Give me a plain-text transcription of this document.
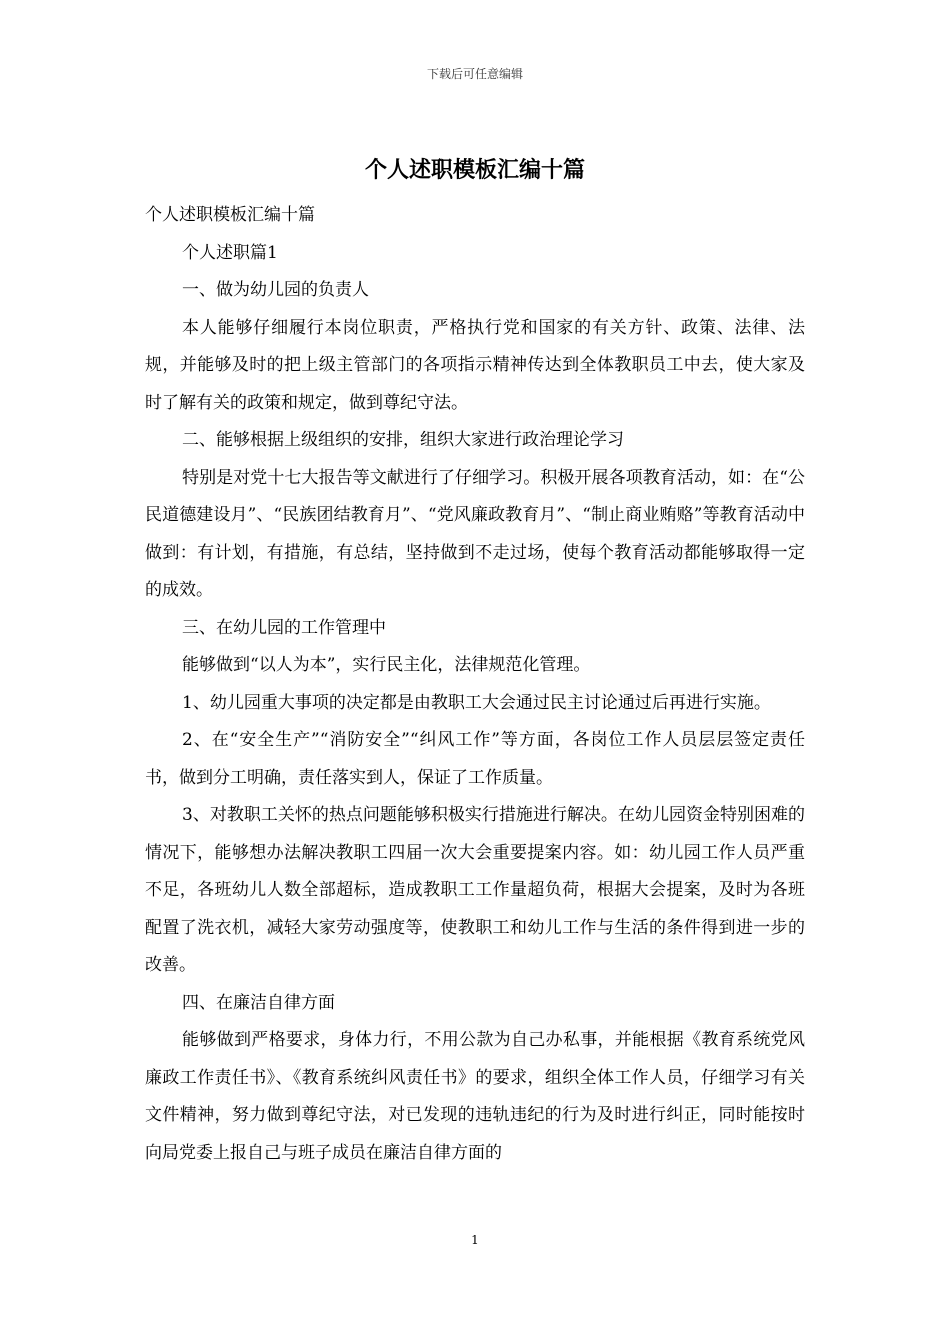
下载后可任意编辑
个人述职模板汇编十篇

个人述职模板汇编十篇

个人述职篇1

一、做为幼儿园的负责人

本人能够仔细履行本岗位职责，严格执行党和国家的有关方针、政策、法律、法规，并能够及时的把上级主管部门的各项指示精神传达到全体教职员工中去，使大家及时了解有关的政策和规定，做到尊纪守法。

二、能够根据上级组织的安排，组织大家进行政治理论学习

特别是对党十七大报告等文献进行了仔细学习。积极开展各项教育活动，如：在“公民道德建设月”、“民族团结教育月”、“党风廉政教育月”、“制止商业贿赂”等教育活动中做到：有计划，有措施，有总结，坚持做到不走过场，使每个教育活动都能够取得一定的成效。

三、在幼儿园的工作管理中

能够做到“以人为本”，实行民主化，法律规范化管理。

1、幼儿园重大事项的决定都是由教职工大会通过民主讨论通过后再进行实施。

2、在“安全生产”“消防安全”“纠风工作”等方面，各岗位工作人员层层签定责任书，做到分工明确，责任落实到人，保证了工作质量。

3、对教职工关怀的热点问题能够积极实行措施进行解决。在幼儿园资金特别困难的情况下，能够想办法解决教职工四届一次大会重要提案内容。如：幼儿园工作人员严重不足，各班幼儿人数全部超标，造成教职工工作量超负荷，根据大会提案，及时为各班配置了洗衣机，减轻大家劳动强度等，使教职工和幼儿工作与生活的条件得到进一步的改善。

四、在廉洁自律方面

能够做到严格要求，身体力行，不用公款为自己办私事，并能根据《教育系统党风廉政工作责任书》、《教育系统纠风责任书》的要求，组织全体工作人员，仔细学习有关文件精神，努力做到尊纪守法，对已发现的违轨违纪的行为及时进行纠正，同时能按时向局党委上报自己与班子成员在廉洁自律方面的

1
